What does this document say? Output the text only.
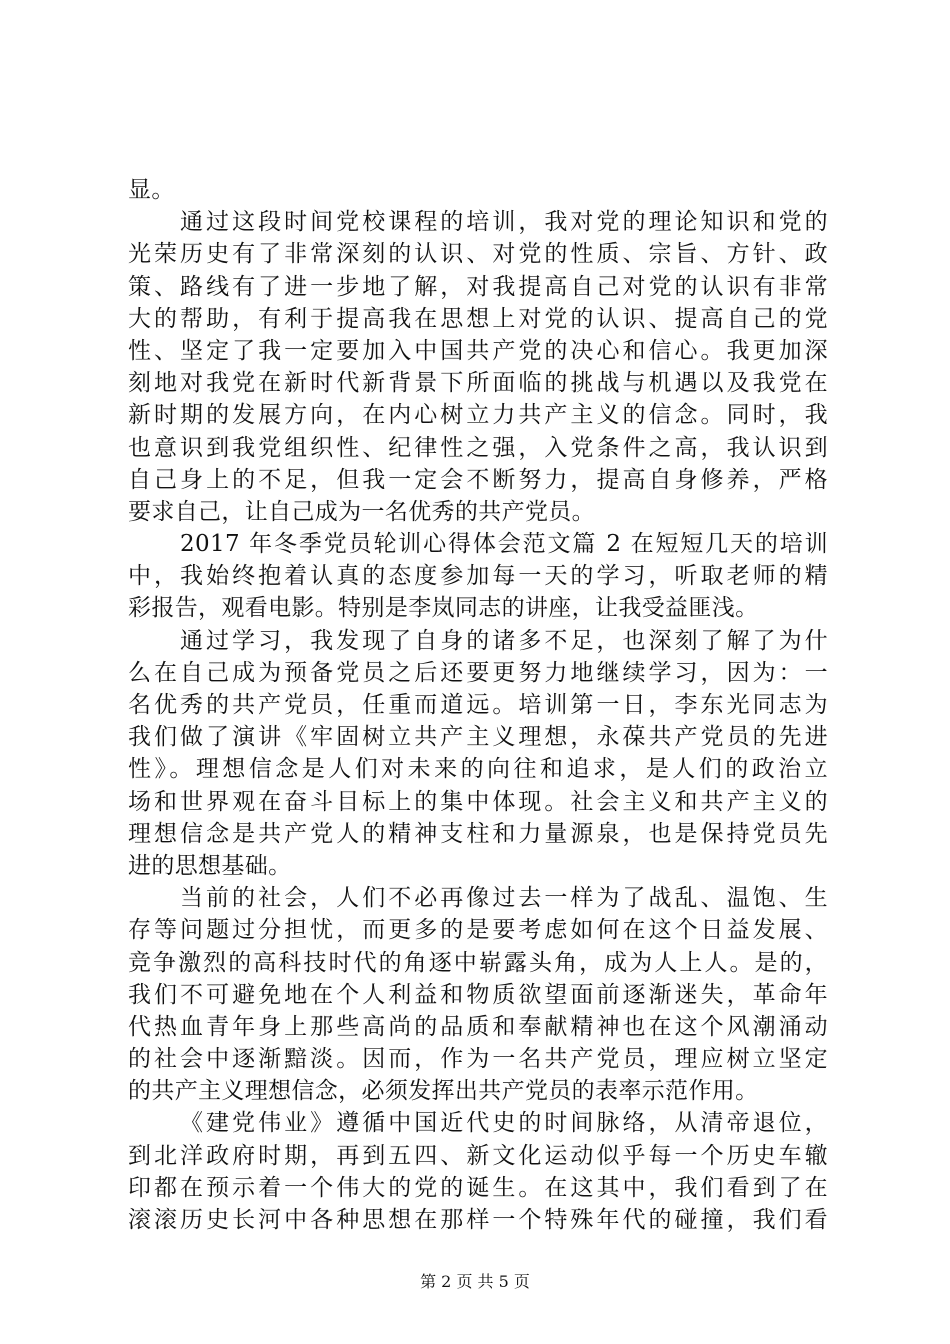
显。
通过这段时间党校课程的培训，我对党的理论知识和党的
光荣历史有了非常深刻的认识、对党的性质、宗旨、方针、政
策、路线有了进一步地了解，对我提高自己对党的认识有非常
大的帮助，有利于提高我在思想上对党的认识、提高自己的党
性、坚定了我一定要加入中国共产党的决心和信心。我更加深
刻地对我党在新时代新背景下所面临的挑战与机遇以及我党在
新时期的发展方向，在内心树立力共产主义的信念。同时，我
也意识到我党组织性、纪律性之强，入党条件之高，我认识到
自己身上的不足，但我一定会不断努力，提高自身修养，严格
要求自己，让自己成为一名优秀的共产党员。
2017 年冬季党员轮训心得体会范文篇 2 在短短几天的培训
中，我始终抱着认真的态度参加每一天的学习，听取老师的精
彩报告，观看电影。特别是李岚同志的讲座，让我受益匪浅。
通过学习，我发现了自身的诸多不足，也深刻了解了为什
么在自己成为预备党员之后还要更努力地继续学习，因为：一
名优秀的共产党员，任重而道远。培训第一日，李东光同志为
我们做了演讲《牢固树立共产主义理想，永葆共产党员的先进
性》。理想信念是人们对未来的向往和追求，是人们的政治立
场和世界观在奋斗目标上的集中体现。社会主义和共产主义的
理想信念是共产党人的精神支柱和力量源泉，也是保持党员先
进的思想基础。
当前的社会，人们不必再像过去一样为了战乱、温饱、生
存等问题过分担忧，而更多的是要考虑如何在这个日益发展、
竞争激烈的高科技时代的角逐中崭露头角，成为人上人。是的，
我们不可避免地在个人利益和物质欲望面前逐渐迷失，革命年
代热血青年身上那些高尚的品质和奉献精神也在这个风潮涌动
的社会中逐渐黯淡。因而，作为一名共产党员，理应树立坚定
的共产主义理想信念，必须发挥出共产党员的表率示范作用。
《建党伟业》遵循中国近代史的时间脉络，从清帝退位，
到北洋政府时期，再到五四、新文化运动似乎每一个历史车辙
印都在预示着一个伟大的党的诞生。在这其中，我们看到了在
滚滚历史长河中各种思想在那样一个特殊年代的碰撞，我们看
第 2 页 共 5 页
